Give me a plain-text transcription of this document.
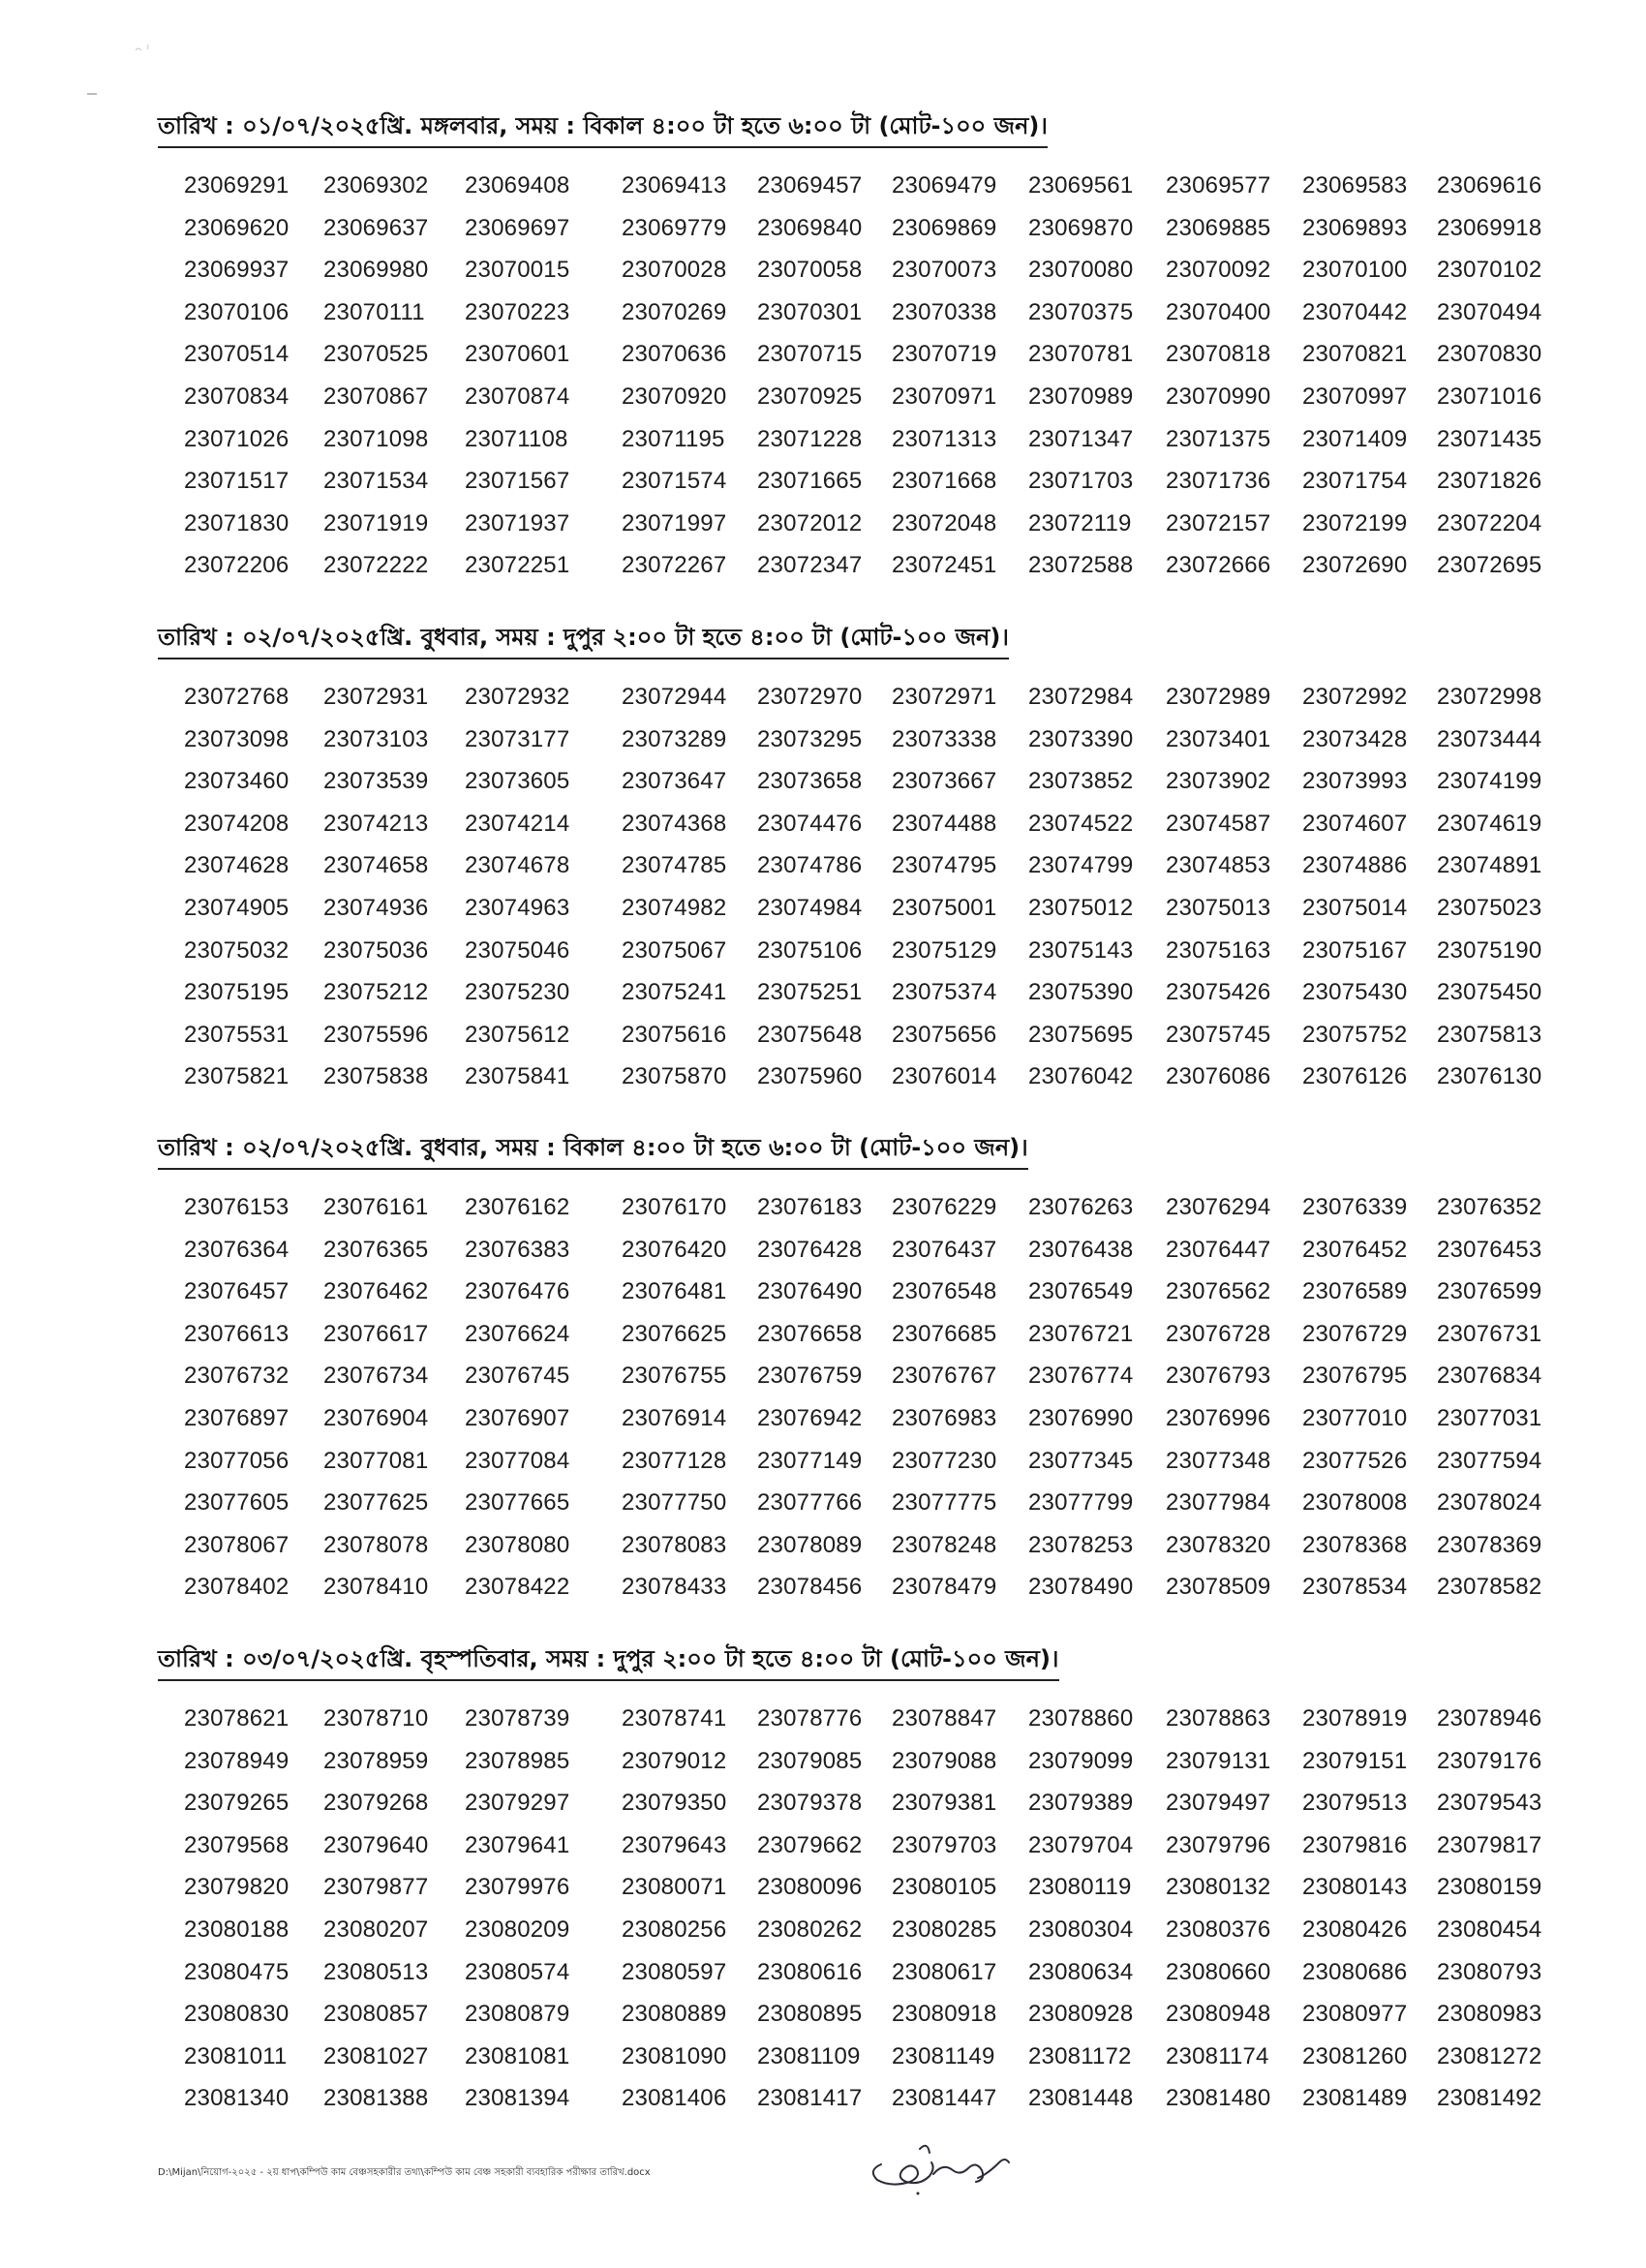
তারিখ : ০১/০৭/২০২৫খ্রি. মঙ্গলবার, সময় : বিকাল ৪:০০ টা হতে ৬:০০ টা (মোট-১০০ জন)।
23069291 23069302 23069408 23069413 23069457 23069479 23069561 23069577 23069583 23069616
23069620 23069637 23069697 23069779 23069840 23069869 23069870 23069885 23069893 23069918
23069937 23069980 23070015 23070028 23070058 23070073 23070080 23070092 23070100 23070102
23070106 23070111 23070223 23070269 23070301 23070338 23070375 23070400 23070442 23070494
23070514 23070525 23070601 23070636 23070715 23070719 23070781 23070818 23070821 23070830
23070834 23070867 23070874 23070920 23070925 23070971 23070989 23070990 23070997 23071016
23071026 23071098 23071108 23071195 23071228 23071313 23071347 23071375 23071409 23071435
23071517 23071534 23071567 23071574 23071665 23071668 23071703 23071736 23071754 23071826
23071830 23071919 23071937 23071997 23072012 23072048 23072119 23072157 23072199 23072204
23072206 23072222 23072251 23072267 23072347 23072451 23072588 23072666 23072690 23072695
তারিখ : ০২/০৭/২০২৫খ্রি. বুধবার, সময় : দুপুর ২:০০ টা হতে ৪:০০ টা (মোট-১০০ জন)।
23072768 23072931 23072932 23072944 23072970 23072971 23072984 23072989 23072992 23072998
23073098 23073103 23073177 23073289 23073295 23073338 23073390 23073401 23073428 23073444
23073460 23073539 23073605 23073647 23073658 23073667 23073852 23073902 23073993 23074199
23074208 23074213 23074214 23074368 23074476 23074488 23074522 23074587 23074607 23074619
23074628 23074658 23074678 23074785 23074786 23074795 23074799 23074853 23074886 23074891
23074905 23074936 23074963 23074982 23074984 23075001 23075012 23075013 23075014 23075023
23075032 23075036 23075046 23075067 23075106 23075129 23075143 23075163 23075167 23075190
23075195 23075212 23075230 23075241 23075251 23075374 23075390 23075426 23075430 23075450
23075531 23075596 23075612 23075616 23075648 23075656 23075695 23075745 23075752 23075813
23075821 23075838 23075841 23075870 23075960 23076014 23076042 23076086 23076126 23076130
তারিখ : ০২/০৭/২০২৫খ্রি. বুধবার, সময় : বিকাল ৪:০০ টা হতে ৬:০০ টা (মোট-১০০ জন)।
23076153 23076161 23076162 23076170 23076183 23076229 23076263 23076294 23076339 23076352
23076364 23076365 23076383 23076420 23076428 23076437 23076438 23076447 23076452 23076453
23076457 23076462 23076476 23076481 23076490 23076548 23076549 23076562 23076589 23076599
23076613 23076617 23076624 23076625 23076658 23076685 23076721 23076728 23076729 23076731
23076732 23076734 23076745 23076755 23076759 23076767 23076774 23076793 23076795 23076834
23076897 23076904 23076907 23076914 23076942 23076983 23076990 23076996 23077010 23077031
23077056 23077081 23077084 23077128 23077149 23077230 23077345 23077348 23077526 23077594
23077605 23077625 23077665 23077750 23077766 23077775 23077799 23077984 23078008 23078024
23078067 23078078 23078080 23078083 23078089 23078248 23078253 23078320 23078368 23078369
23078402 23078410 23078422 23078433 23078456 23078479 23078490 23078509 23078534 23078582
তারিখ : ০৩/০৭/২০২৫খ্রি. বৃহস্পতিবার, সময় : দুপুর ২:০০ টা হতে ৪:০০ টা (মোট-১০০ জন)।
23078621 23078710 23078739 23078741 23078776 23078847 23078860 23078863 23078919 23078946
23078949 23078959 23078985 23079012 23079085 23079088 23079099 23079131 23079151 23079176
23079265 23079268 23079297 23079350 23079378 23079381 23079389 23079497 23079513 23079543
23079568 23079640 23079641 23079643 23079662 23079703 23079704 23079796 23079816 23079817
23079820 23079877 23079976 23080071 23080096 23080105 23080119 23080132 23080143 23080159
23080188 23080207 23080209 23080256 23080262 23080285 23080304 23080376 23080426 23080454
23080475 23080513 23080574 23080597 23080616 23080617 23080634 23080660 23080686 23080793
23080830 23080857 23080879 23080889 23080895 23080918 23080928 23080948 23080977 23080983
23081011 23081027 23081081 23081090 23081109 23081149 23081172 23081174 23081260 23081272
23081340 23081388 23081394 23081406 23081417 23081447 23081448 23081480 23081489 23081492
D:\Mijan\নিয়োগ-২০২৫ - ২য় ধাপ\কম্পিউ কাম বেঞ্চসহকারীর তথ্য\কম্পিউ কাম বেঞ্চ সহকারী ব্যবহারিক পরীক্ষার তারিখ.docx
